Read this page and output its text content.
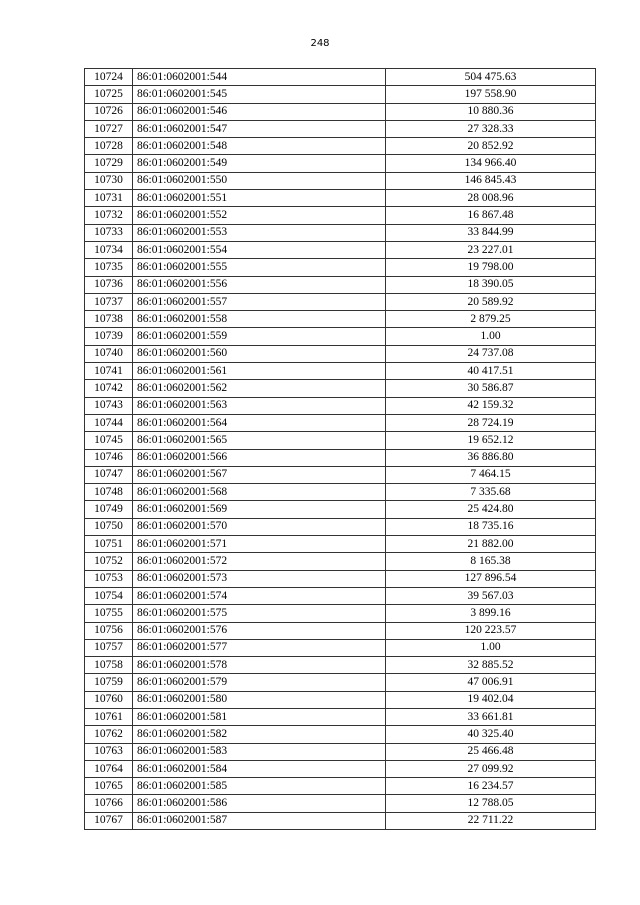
248
10724	86:01:0602001:544	504 475.63
10725	86:01:0602001:545	197 558.90
10726	86:01:0602001:546	10 880.36
10727	86:01:0602001:547	27 328.33
10728	86:01:0602001:548	20 852.92
10729	86:01:0602001:549	134 966.40
10730	86:01:0602001:550	146 845.43
10731	86:01:0602001:551	28 008.96
10732	86:01:0602001:552	16 867.48
10733	86:01:0602001:553	33 844.99
10734	86:01:0602001:554	23 227.01
10735	86:01:0602001:555	19 798.00
10736	86:01:0602001:556	18 390.05
10737	86:01:0602001:557	20 589.92
10738	86:01:0602001:558	2 879.25
10739	86:01:0602001:559	1.00
10740	86:01:0602001:560	24 737.08
10741	86:01:0602001:561	40 417.51
10742	86:01:0602001:562	30 586.87
10743	86:01:0602001:563	42 159.32
10744	86:01:0602001:564	28 724.19
10745	86:01:0602001:565	19 652.12
10746	86:01:0602001:566	36 886.80
10747	86:01:0602001:567	7 464.15
10748	86:01:0602001:568	7 335.68
10749	86:01:0602001:569	25 424.80
10750	86:01:0602001:570	18 735.16
10751	86:01:0602001:571	21 882.00
10752	86:01:0602001:572	8 165.38
10753	86:01:0602001:573	127 896.54
10754	86:01:0602001:574	39 567.03
10755	86:01:0602001:575	3 899.16
10756	86:01:0602001:576	120 223.57
10757	86:01:0602001:577	1.00
10758	86:01:0602001:578	32 885.52
10759	86:01:0602001:579	47 006.91
10760	86:01:0602001:580	19 402.04
10761	86:01:0602001:581	33 661.81
10762	86:01:0602001:582	40 325.40
10763	86:01:0602001:583	25 466.48
10764	86:01:0602001:584	27 099.92
10765	86:01:0602001:585	16 234.57
10766	86:01:0602001:586	12 788.05
10767	86:01:0602001:587	22 711.22
